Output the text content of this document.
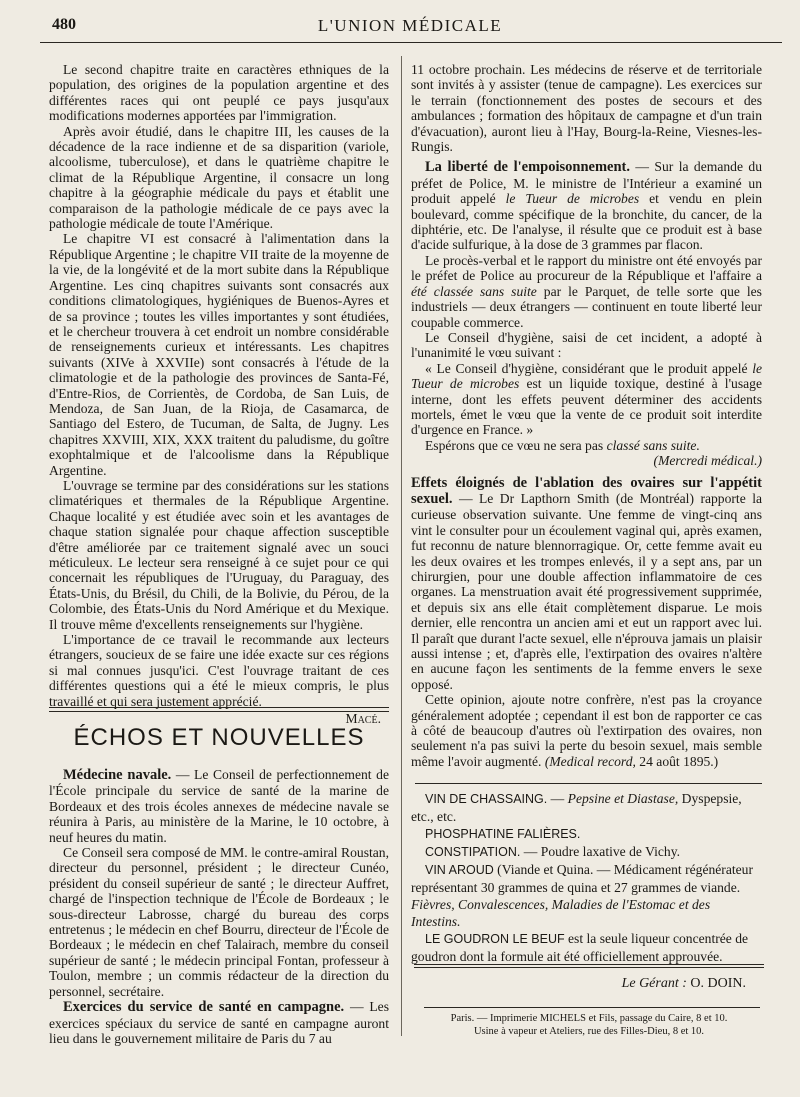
480	L'UNION MÉDICALE

Le second chapitre traite en caractères ethniques de la population, des origines de la population argentine et des différentes races qui ont peuplé ce pays jusqu'aux modifications modernes apportées par l'immigration.

Après avoir étudié, dans le chapitre III, les causes de la décadence de la race indienne et de sa disparition (variole, alcoolisme, tuberculose), et dans le quatrième chapitre le climat de la République Argentine, il consacre un long chapitre à la géographie médicale du pays et établit une comparaison de la pathologie médicale de ce pays avec la pathologie médicale de toute l'Amérique.

Le chapitre VI est consacré à l'alimentation dans la République Argentine ; le chapitre VII traite de la moyenne de la vie, de la longévité et de la mort subite dans la République Argentine. Les cinq chapitres suivants sont consacrés aux conditions climatologiques, hygiéniques de Buenos-Ayres et de sa province ; toutes les villes importantes y sont étudiées, et le chercheur trouvera à cet endroit un nombre considérable de renseignements curieux et intéressants. Les chapitres suivants (XIVe à XXVIIe) sont consacrés à l'étude de la climatologie et de la pathologie des provinces de Santa-Fé, d'Entre-Rios, de Corrientès, de Cordoba, de San Luis, de Mendoza, de San Juan, de la Rioja, de Casamarca, de Santiago del Estero, de Tucuman, de Salta, de Jugny. Les chapitres XXVIII, XIX, XXX traitent du paludisme, du goître exophtalmique et de l'alcoolisme dans la République Argentine.

L'ouvrage se termine par des considérations sur les stations climatériques et thermales de la République Argentine. Chaque localité y est étudiée avec soin et les avantages de chaque station signalée pour chaque affection susceptible d'être améliorée par ce traitement signalé avec un souci méticuleux. Le lecteur sera renseigné à ce sujet pour ce qui concernait les républiques de l'Uruguay, du Paraguay, des États-Unis, du Brésil, du Chili, de la Bolivie, du Pérou, de la Colombie, des États-Unis du Nord Amérique et du Mexique. Il trouve même d'excellents renseignements sur l'hygiène.

L'importance de ce travail le recommande aux lecteurs étrangers, soucieux de se faire une idée exacte sur ces régions si mal connues jusqu'ici. C'est l'ouvrage traitant de ces différentes questions qui a été le mieux compris, le plus travaillé et qui sera justement apprécié.

Macé.

ÉCHOS ET NOUVELLES

Médecine navale. — Le Conseil de perfectionnement de l'École principale du service de santé de la marine de Bordeaux et des trois écoles annexes de médecine navale se réunira à Paris, au ministère de la Marine, le 10 octobre, à neuf heures du matin.

Ce Conseil sera composé de MM. le contre-amiral Roustan, directeur du personnel, président ; le directeur Cunéo, président du conseil supérieur de santé ; le directeur Auffret, chargé de l'inspection technique de l'École de Bordeaux ; le sous-directeur Labrosse, chargé du bureau des corps entretenus ; le médecin en chef Bourru, directeur de l'École de Bordeaux ; le médecin en chef Talairach, membre du conseil supérieur de santé ; le médecin principal Fontan, professeur à Toulon, membre ; un commis rédacteur de la direction du personnel, secrétaire.

Exercices du service de santé en campagne. — Les exercices spéciaux du service de santé en campagne auront lieu dans le gouvernement militaire de Paris du 7 au

11 octobre prochain. Les médecins de réserve et de territoriale sont invités à y assister (tenue de campagne). Les exercices sur le terrain (fonctionnement des postes de secours et des ambulances ; formation des hôpitaux de campagne et d'un train d'évacuation), auront lieu à l'Hay, Bourg-la-Reine, Viesnes-les-Rungis.

La liberté de l'empoisonnement. — Sur la demande du préfet de Police, M. le ministre de l'Intérieur a examiné un produit appelé le Tueur de microbes et vendu en plein boulevard, comme spécifique de la bronchite, du cancer, de la diphtérie, etc. De l'analyse, il résulte que ce produit est à base d'acide sulfurique, à la dose de 3 grammes par flacon.

Le procès-verbal et le rapport du ministre ont été envoyés par le préfet de Police au procureur de la République et l'affaire a été classée sans suite par le Parquet, de telle sorte que les industriels — deux étrangers — continuent en toute liberté leur coupable commerce.

Le Conseil d'hygiène, saisi de cet incident, a adopté à l'unanimité le vœu suivant :

« Le Conseil d'hygiène, considérant que le produit appelé le Tueur de microbes est un liquide toxique, destiné à l'usage interne, dont les effets peuvent déterminer des accidents mortels, émet le vœu que la vente de ce produit soit interdite d'urgence en France. »

Espérons que ce vœu ne sera pas classé sans suite.

(Mercredi médical.)

Effets éloignés de l'ablation des ovaires sur l'appétit sexuel. — Le Dr Lapthorn Smith (de Montréal) rapporte la curieuse observation suivante. Une femme de vingt-cinq ans vint le consulter pour un écoulement vaginal qui, après examen, fut reconnu de nature blennorragique. Or, cette femme avait eu les deux ovaires et les trompes enlevés, il y a sept ans, par un chirurgien, pour une double affection inflammatoire de ces organes. La menstruation avait été progressivement supprimée, et depuis six ans elle était complètement disparue. Le mois dernier, elle rencontra un ancien ami et eut un rapport avec lui. Il paraît que durant l'acte sexuel, elle n'éprouva jamais un plaisir aussi intense ; et, d'après elle, l'extirpation des ovaires n'altère en aucune façon les sentiments de la femme envers le sexe opposé.

Cette opinion, ajoute notre confrère, n'est pas la croyance généralement adoptée ; cependant il est bon de rapporter ce cas à côté de beaucoup d'autres où l'extirpation des ovaires, non seulement n'a pas suivi la perte du besoin sexuel, mais semble même l'avoir augmenté. (Medical record, 24 août 1895.)

VIN DE CHASSAING. — Pepsine et Diastase, Dyspepsie, etc., etc.

PHOSPHATINE FALIÈRES.

CONSTIPATION. — Poudre laxative de Vichy.

VIN AROUD (Viande et Quina. — Médicament régénérateur représentant 30 grammes de quina et 27 grammes de viande. Fièvres, Convalescences, Maladies de l'Estomac et des Intestins.

LE GOUDRON LE BEUF est la seule liqueur concentrée de goudron dont la formule ait été officiellement approuvée.

Le Gérant : O. DOIN.
Paris. — Imprimerie MICHELS et Fils, passage du Caire, 8 et 10.
Usine à vapeur et Ateliers, rue des Filles-Dieu, 8 et 10.
